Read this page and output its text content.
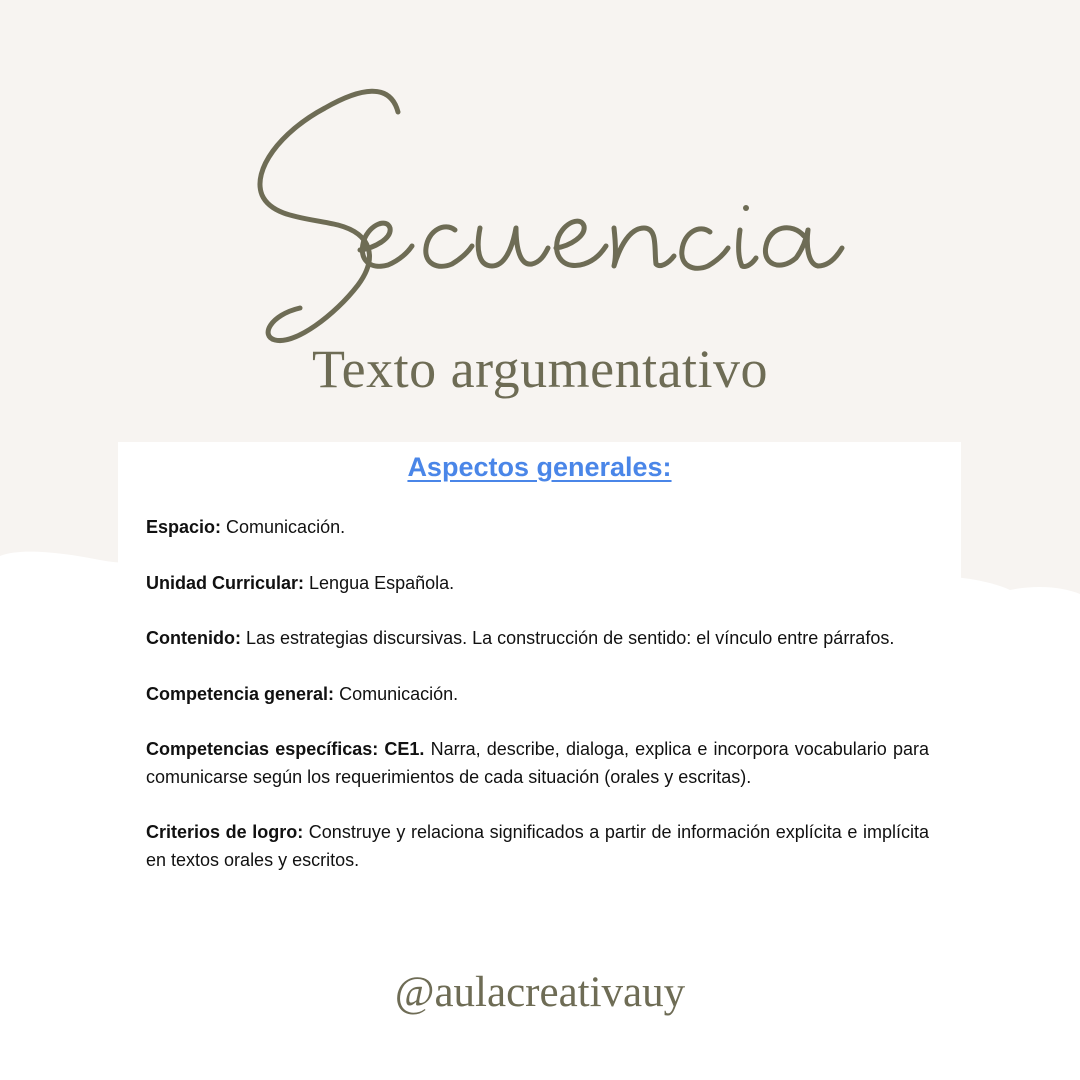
Texto argumentativo
Aspectos generales:

Espacio: Comunicación.

Unidad Curricular: Lengua Española.

Contenido: Las estrategias discursivas. La construcción de sentido: el vínculo entre párrafos.

Competencia general: Comunicación.

Competencias específicas: CE1. Narra, describe, dialoga, explica e incorpora vocabulario para comunicarse según los requerimientos de cada situación (orales y escritas).

Criterios de logro: Construye y relaciona significados a partir de información explícita e implícita en textos orales y escritos.

@aulacreativauy
